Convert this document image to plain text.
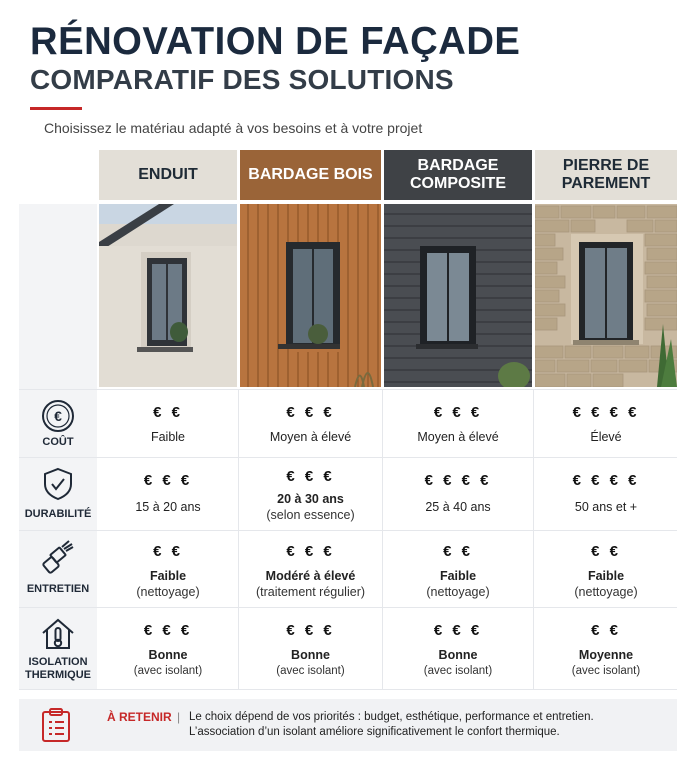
RÉNOVATION DE FAÇADE
COMPARATIF DES SOLUTIONS
Choisissez le matériau adapté à vos besoins et à votre projet
ENDUIT	BARDAGE BOIS
BARDAGE
COMPOSITE
PIERRE DE
PAREMENT
€
COÛT
€ €
Faible
€ € €
Moyen à élevé
€ € €
Moyen à élevé
€ € € €
Élevé
DURABILITÉ
€ € €
15 à 20 ans
€ € €
20 à 30 ans
(selon essence)
€ € € €
25 à 40 ans
€ € € €
50 ans et +
ENTRETIEN
€ €
Faible
(nettoyage)
€ € €
Modéré à élevé
(traitement régulier)
€ €
Faible
(nettoyage)
€ €
Faible
(nettoyage)
ISOLATION
THERMIQUE
€ € €
Bonne
(avec isolant)
€ € €
Bonne
(avec isolant)
€ € €
Bonne
(avec isolant)
€ €
Moyenne
(avec isolant)
À RETENIR | Le choix dépend de vos priorités : budget, esthétique, performance et entretien.
L’association d’un isolant améliore significativement le confort thermique.
